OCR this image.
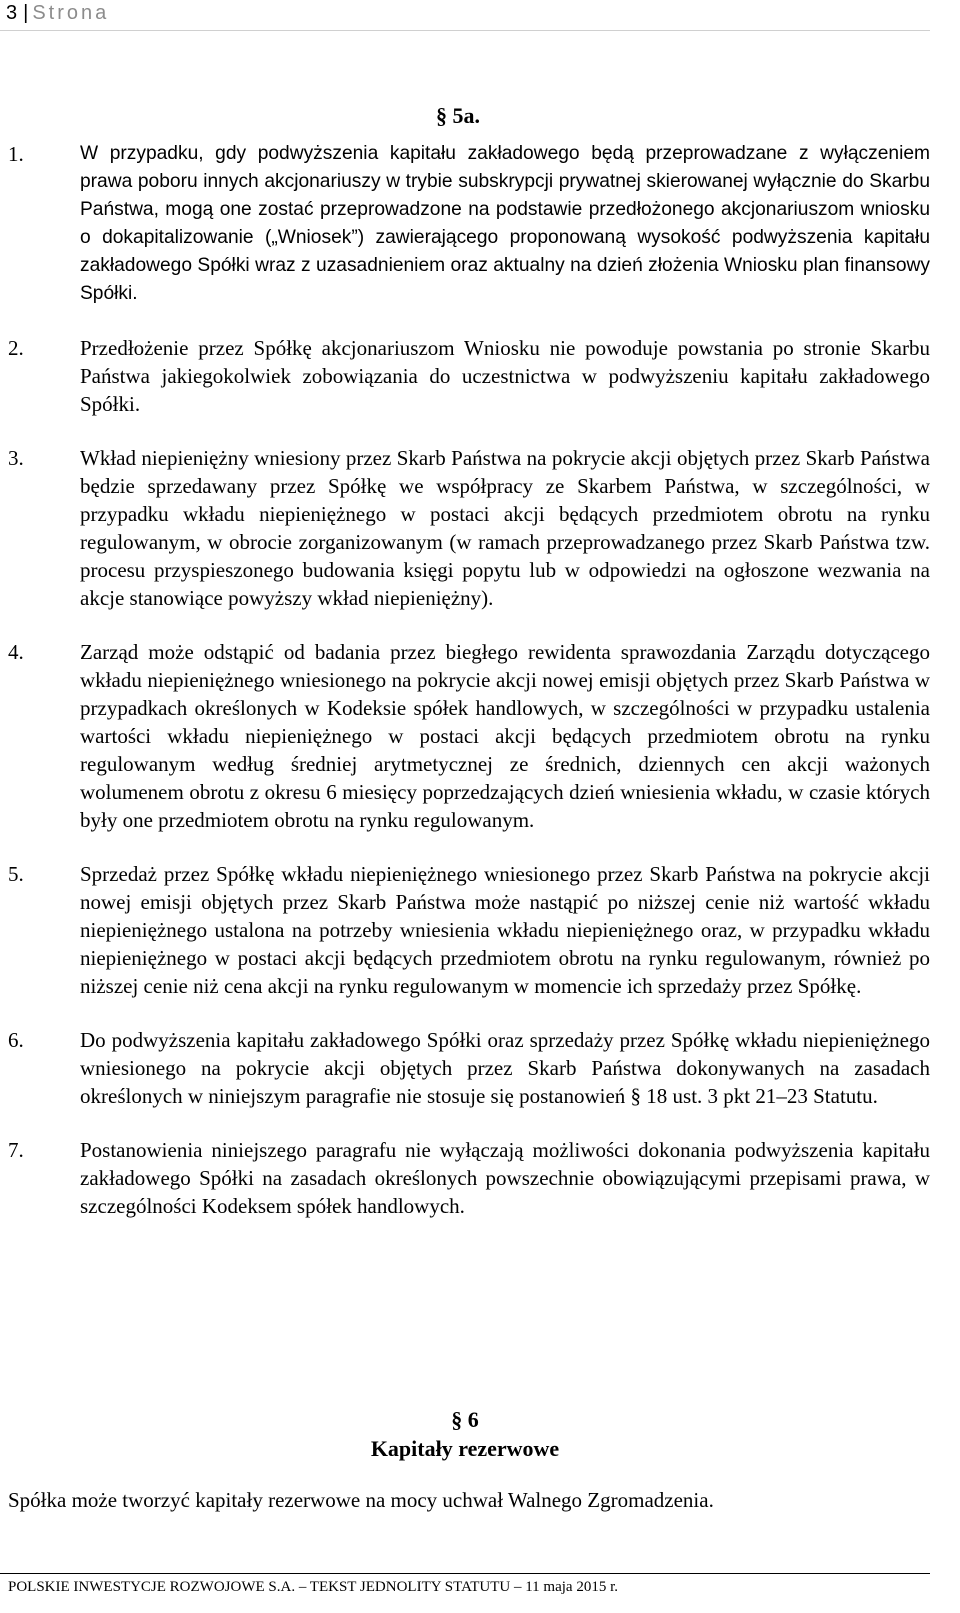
3 | Strona
§ 5a.
1.	W przypadku, gdy podwyższenia kapitału zakładowego będą przeprowadzane z wyłączeniem prawa poboru innych akcjonariuszy w trybie subskrypcji prywatnej skierowanej wyłącznie do Skarbu Państwa, mogą one zostać przeprowadzone na podstawie przedłożonego akcjonariuszom wniosku o dokapitalizowanie („Wniosek”) zawierającego proponowaną wysokość podwyższenia kapitału zakładowego Spółki wraz z uzasadnieniem oraz aktualny na dzień złożenia Wniosku plan finansowy Spółki.
2.	Przedłożenie przez Spółkę akcjonariuszom Wniosku nie powoduje powstania po stronie Skarbu Państwa jakiegokolwiek zobowiązania do uczestnictwa w podwyższeniu kapitału zakładowego Spółki.
3.	Wkład niepieniężny wniesiony przez Skarb Państwa na pokrycie akcji objętych przez Skarb Państwa będzie sprzedawany przez Spółkę we współpracy ze Skarbem Państwa, w szczególności, w przypadku wkładu niepieniężnego w postaci akcji będących przedmiotem obrotu na rynku regulowanym, w obrocie zorganizowanym (w ramach przeprowadzanego przez Skarb Państwa tzw. procesu przyspieszonego budowania księgi popytu lub w odpowiedzi na ogłoszone wezwania na akcje stanowiące powyższy wkład niepieniężny).
4.	Zarząd może odstąpić od badania przez biegłego rewidenta sprawozdania Zarządu dotyczącego wkładu niepieniężnego wniesionego na pokrycie akcji nowej emisji objętych przez Skarb Państwa w przypadkach określonych w Kodeksie spółek handlowych, w szczególności w przypadku ustalenia wartości wkładu niepieniężnego w postaci akcji będących przedmiotem obrotu na rynku regulowanym według średniej arytmetycznej ze średnich, dziennych cen akcji ważonych wolumenem obrotu z okresu 6 miesięcy poprzedzających dzień wniesienia wkładu, w czasie których były one przedmiotem obrotu na rynku regulowanym.
5.	Sprzedaż przez Spółkę wkładu niepieniężnego wniesionego przez Skarb Państwa na pokrycie akcji nowej emisji objętych przez Skarb Państwa może nastąpić po niższej cenie niż wartość wkładu niepieniężnego ustalona na potrzeby wniesienia wkładu niepieniężnego oraz, w przypadku wkładu niepieniężnego w postaci akcji będących przedmiotem obrotu na rynku regulowanym, również po niższej cenie niż cena akcji na rynku regulowanym w momencie ich sprzedaży przez Spółkę.
6.	Do podwyższenia kapitału zakładowego Spółki oraz sprzedaży przez Spółkę wkładu niepieniężnego wniesionego na pokrycie akcji objętych przez Skarb Państwa dokonywanych na zasadach określonych w niniejszym paragrafie nie stosuje się postanowień § 18 ust. 3 pkt 21–23 Statutu.
7.	Postanowienia niniejszego paragrafu nie wyłączają możliwości dokonania podwyższenia kapitału zakładowego Spółki na zasadach określonych powszechnie obowiązującymi przepisami prawa, w szczególności Kodeksem spółek handlowych.
§ 6
Kapitały rezerwowe
Spółka może tworzyć kapitały rezerwowe na mocy uchwał Walnego Zgromadzenia.
POLSKIE INWESTYCJE ROZWOJOWE S.A. – TEKST JEDNOLITY STATUTU – 11 maja 2015 r.
